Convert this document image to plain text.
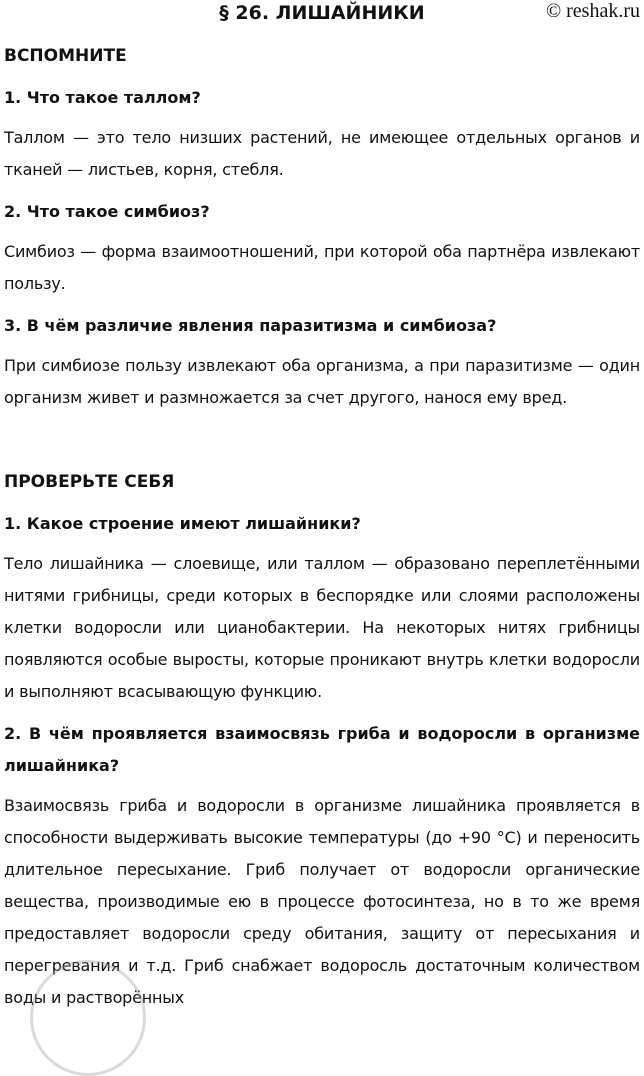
§ 26. ЛИШАЙНИКИ	© reshak.ru
ВСПОМНИТЕ
1. Что такое таллом?

Таллом — это тело низших растений, не имеющее отдельных органов и тканей — листьев, корня, стебля.

2. Что такое симбиоз?

Симбиоз — форма взаимоотношений, при которой оба партнёра извлекают пользу.

3. В чём различие явления паразитизма и симбиоза?

При симбиозе пользу извлекают оба организма, а при паразитизме — один организм живет и размножается за счет другого, нанося ему вред.

ПРОВЕРЬТЕ СЕБЯ
1. Какое строение имеют лишайники?

Тело лишайника — слоевище, или таллом — образовано переплетёнными нитями грибницы, среди которых в беспорядке или слоями расположены клетки водоросли или цианобактерии. На некоторых нитях грибницы появляются особые выросты, которые проникают внутрь клетки водоросли и выполняют всасывающую функцию.

2. В чём проявляется взаимосвязь гриба и водоросли в организме лишайника?

Взаимосвязь гриба и водоросли в организме лишайника проявляется в способности выдерживать высокие температуры (до +90 °С) и переносить длительное пересыхание. Гриб получает от водоросли органические вещества, производимые ею в процессе фотосинтеза, но в то же время предоставляет водоросли среду обитания, защиту от пересыхания и перегревания и т.д. Гриб снабжает водоросль достаточным количеством воды и растворённых
